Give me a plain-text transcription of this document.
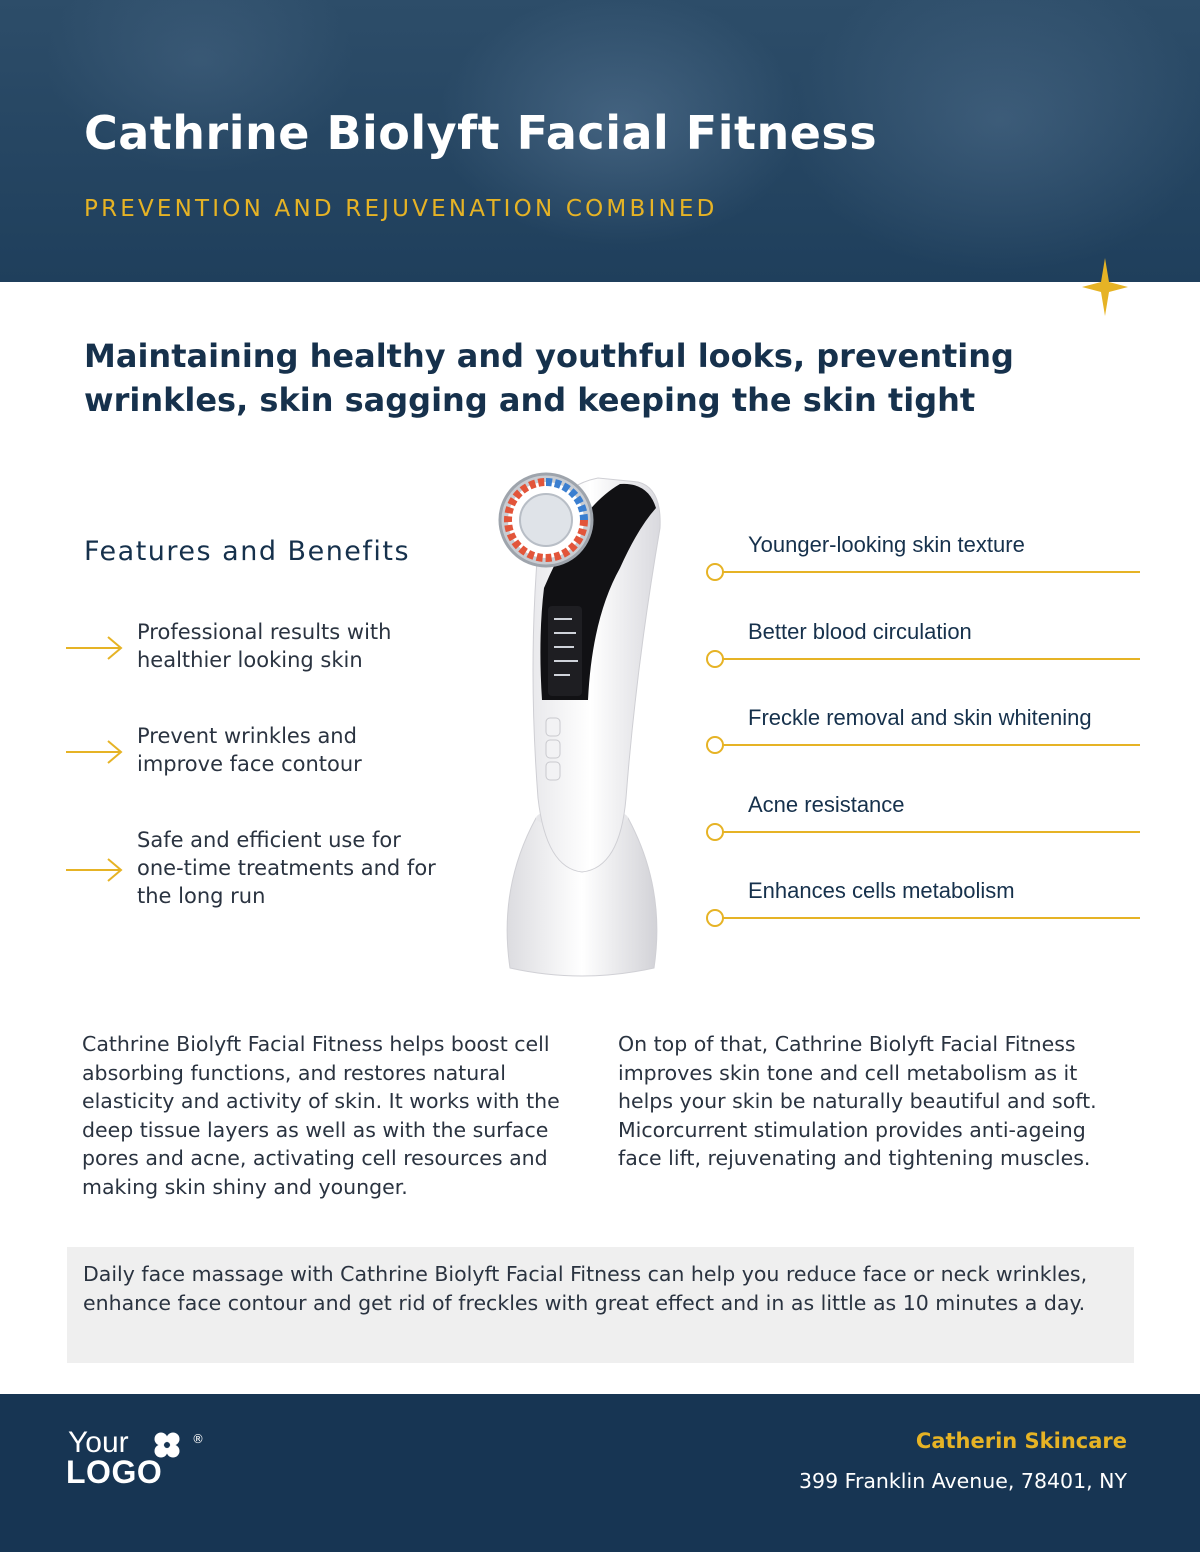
Cathrine Biolyft Facial Fitness

PREVENTION AND REJUVENATION COMBINED

Maintaining healthy and youthful looks, preventing wrinkles, skin sagging and keeping the skin tight
Features and Benefits
Professional results with healthier looking skin
Prevent wrinkles and improve face contour
Safe and efficient use for one-time treatments and for the long run
Younger-looking skin texture
Better blood circulation
Freckle removal and skin whitening
Acne resistance
Enhances cells metabolism

Cathrine Biolyft Facial Fitness helps boost cell absorbing functions, and restores natural elasticity and activity of skin. It works with the deep tissue layers as well as with the surface pores and acne, activating cell resources and making skin shiny and younger.

On top of that, Cathrine Biolyft Facial Fitness improves skin tone and cell metabolism as it helps your skin be naturally beautiful and soft. Micorcurrent stimulation provides anti-ageing face lift, rejuvenating and tightening muscles.

Daily face massage with Cathrine Biolyft Facial Fitness can help you reduce face or neck wrinkles, enhance face contour and get rid of freckles with great effect and in as little as 10 minutes a day.

Your	®
LOGO
Catherin Skincare
399 Franklin Avenue, 78401, NY
